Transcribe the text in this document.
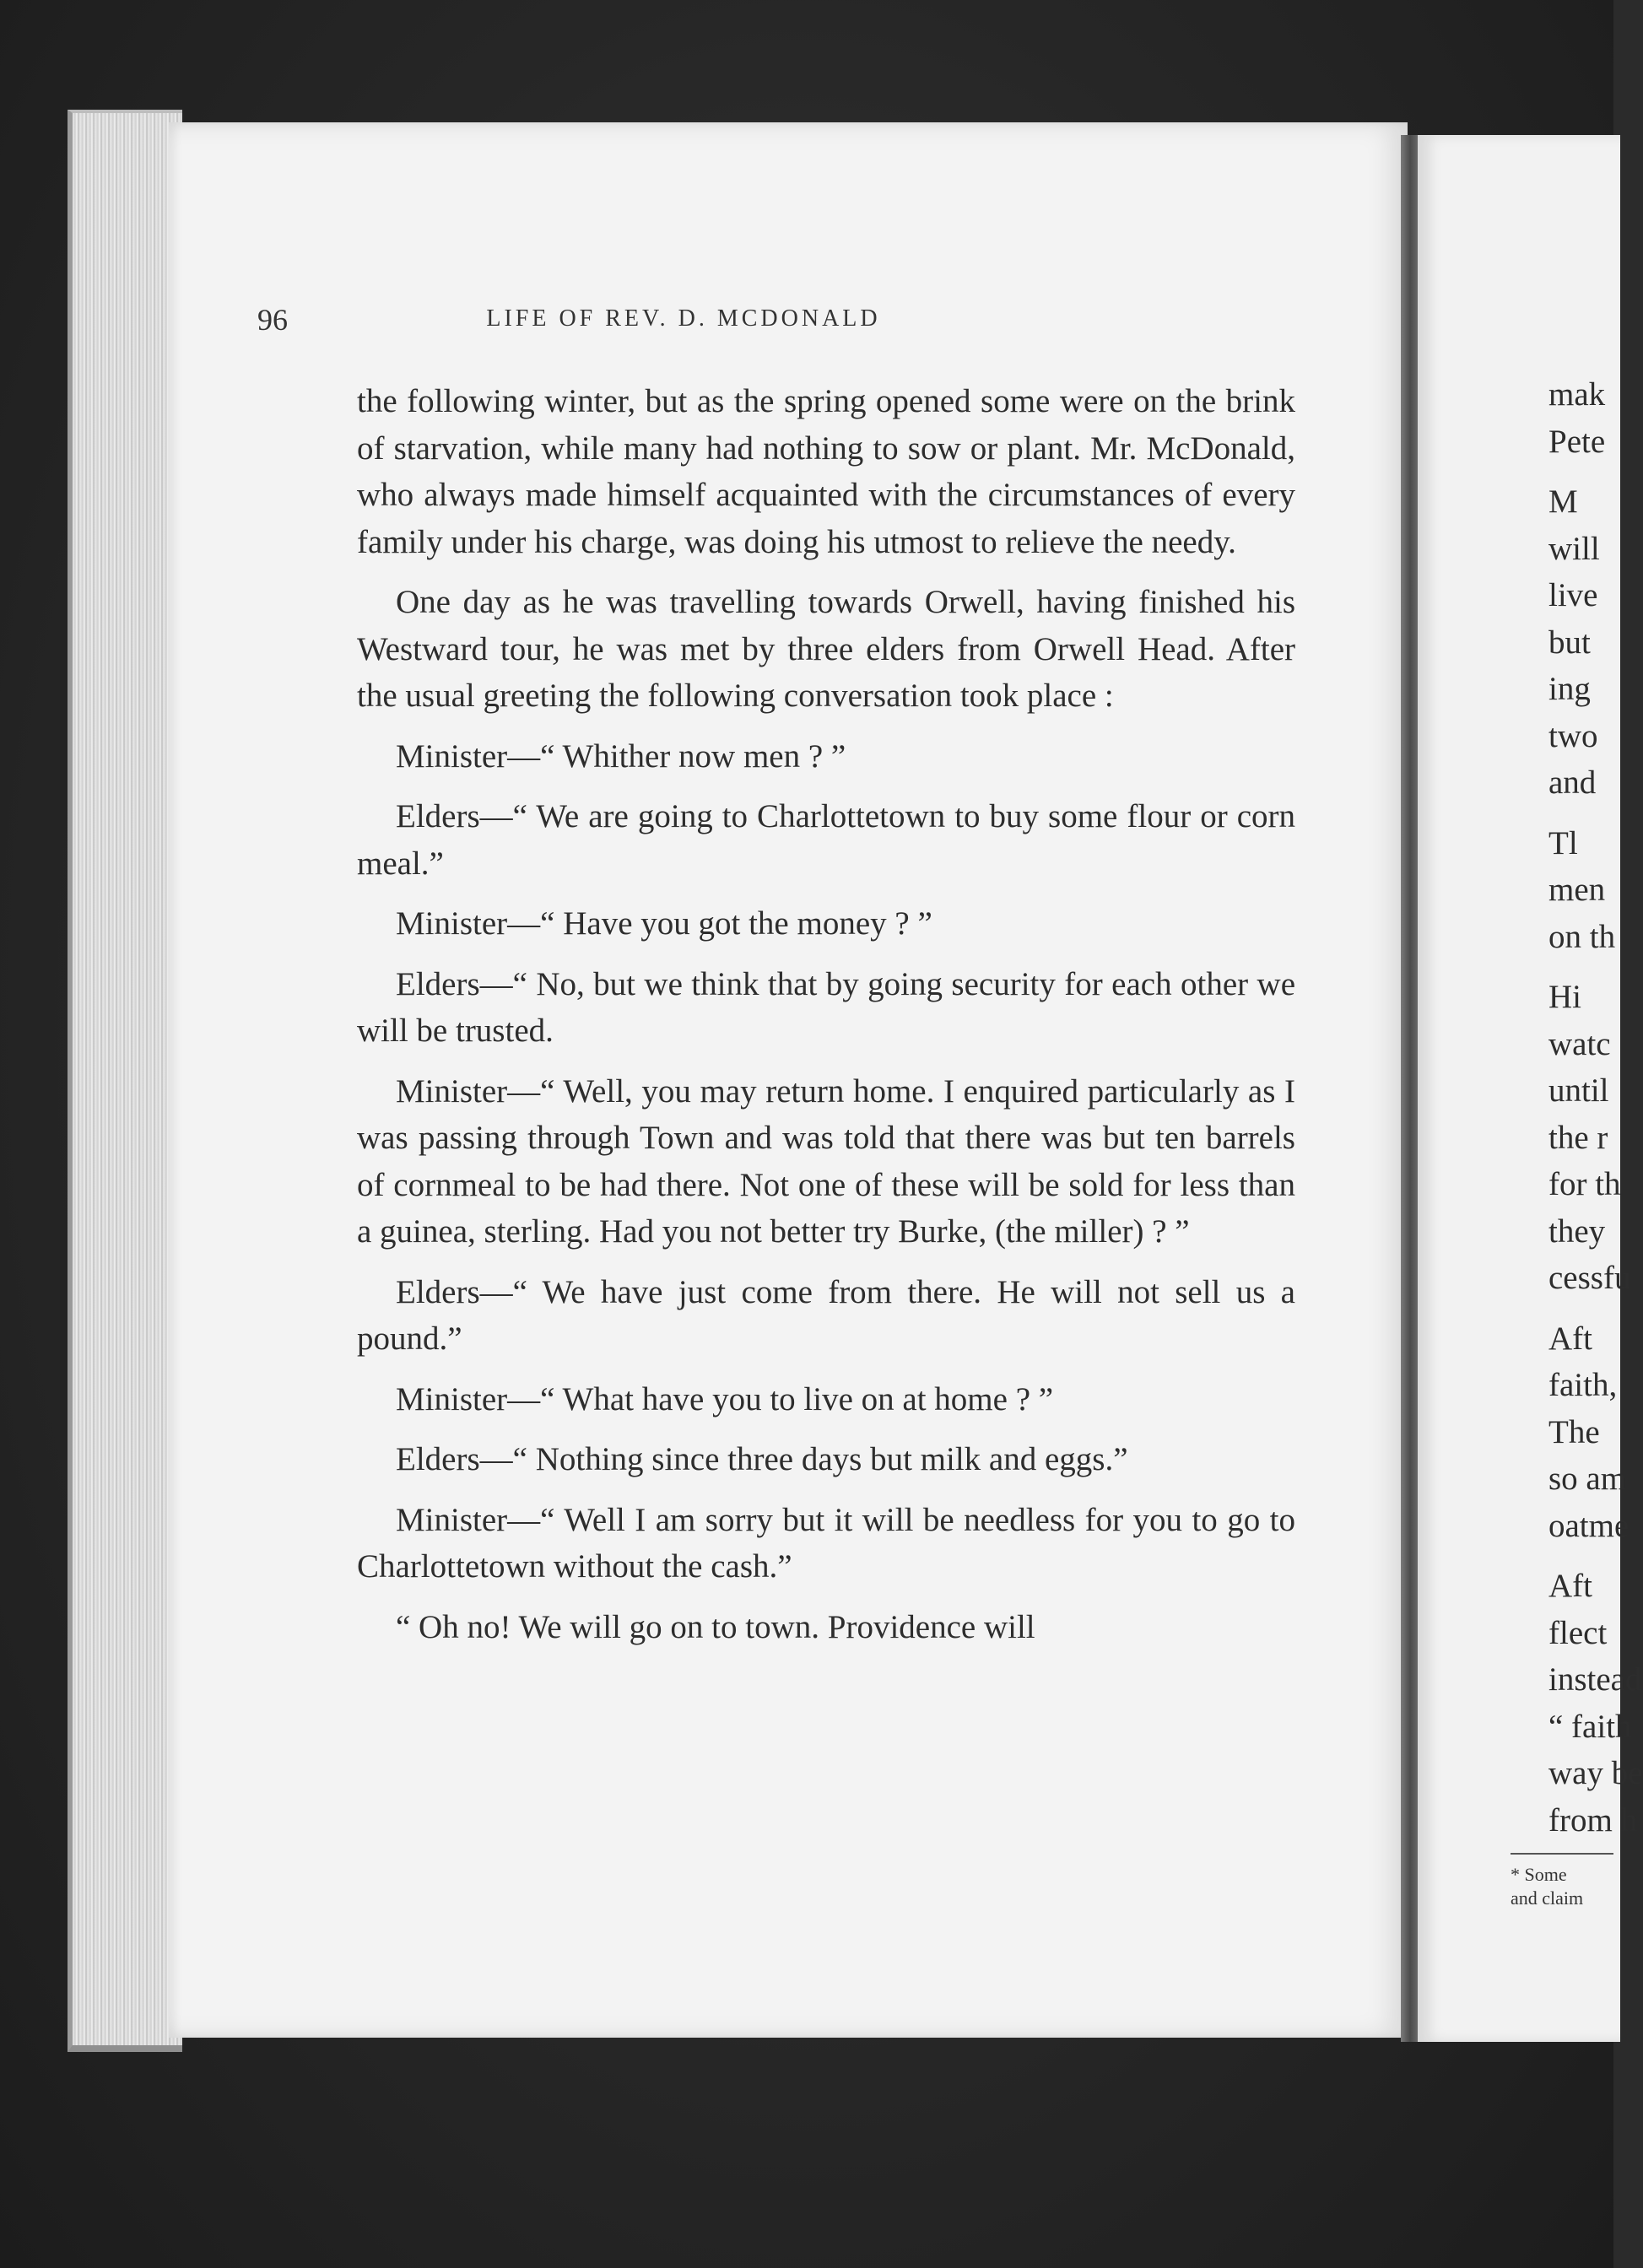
96	LIFE OF REV. D. MCDONALD

the following winter, but as the spring opened some were on the brink of starvation, while many had nothing to sow or plant. Mr. McDonald, who always made himself acquainted with the circumstances of every family under his charge, was doing his utmost to relieve the needy.

One day as he was travelling towards Orwell, having finished his Westward tour, he was met by three elders from Orwell Head. After the usual greeting the following conversation took place :

Minister—“ Whither now men ? ”

Elders—“ We are going to Charlottetown to buy some flour or corn meal.”

Minister—“ Have you got the money ? ”

Elders—“ No, but we think that by going security for each other we will be trusted.

Minister—“ Well, you may return home. I enquired particularly as I was passing through Town and was told that there was but ten barrels of cornmeal to be had there. Not one of these will be sold for less than a guinea, sterling. Had you not better try Burke, (the miller) ? ”

Elders—“ We have just come from there. He will not sell us a pound.”

Minister—“ What have you to live on at home ? ”

Elders—“ Nothing since three days but milk and eggs.”

Minister—“ Well I am sorry but it will be needless for you to go to Charlottetown without the cash.”

“ Oh no! We will go on to town. Providence will

mak
Pete
M
will
live
but
ing
two
and
Tl
men
on th
Hi
watc
until
the r
for th
they
cessfu
Aft
faith,
The
so am
oatme
Aft
flect
instead
“ faith
way be
from h
* Some
and claim
